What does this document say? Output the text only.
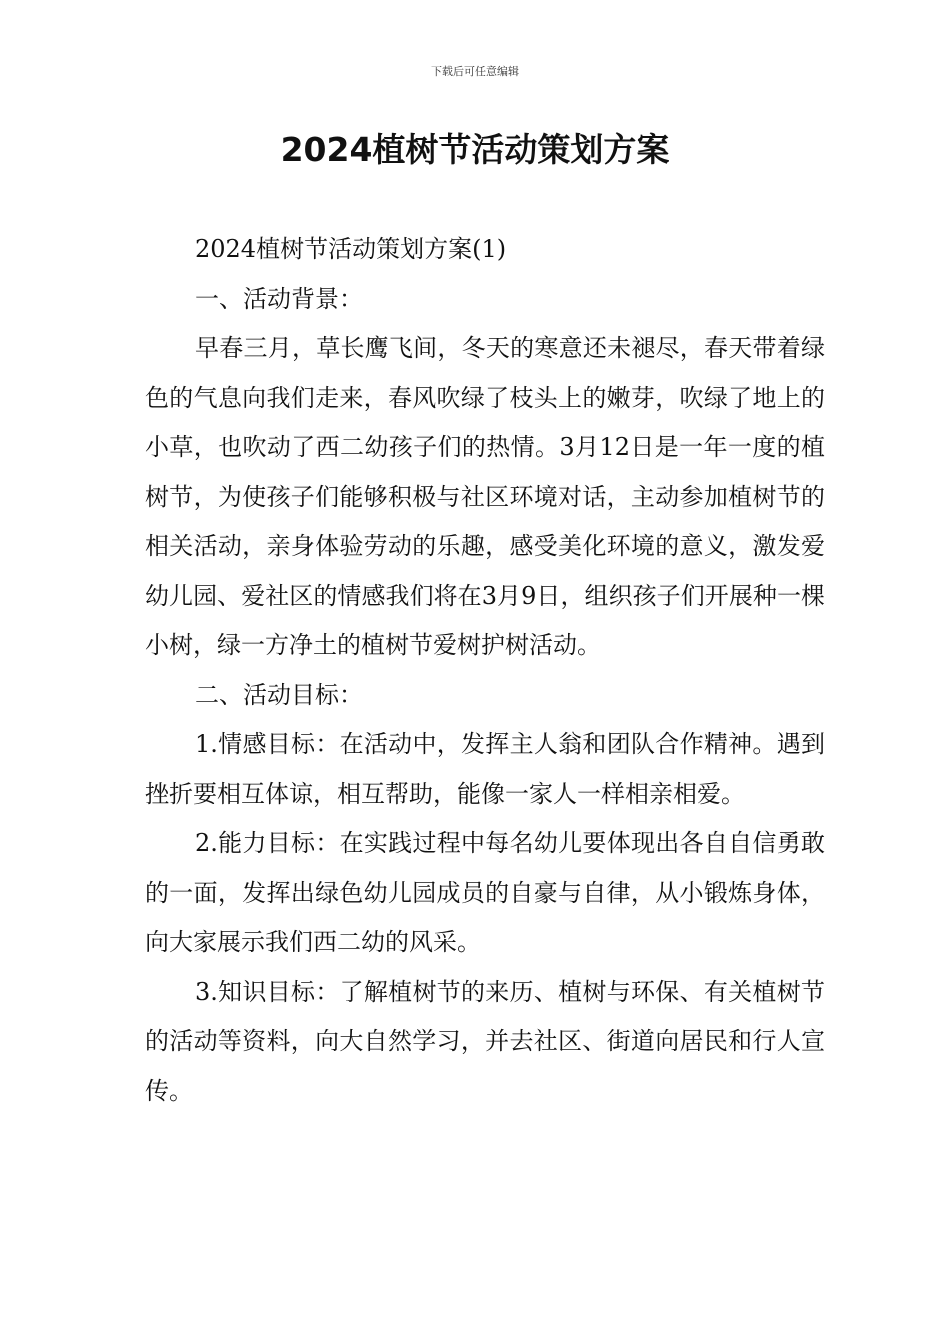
下载后可任意编辑
2024植树节活动策划方案

2024植树节活动策划方案(1)

一、活动背景：

早春三月，草长鹰飞间，冬天的寒意还未褪尽，春天带着绿色的气息向我们走来，春风吹绿了枝头上的嫩芽，吹绿了地上的小草，也吹动了西二幼孩子们的热情。3月12日是一年一度的植树节，为使孩子们能够积极与社区环境对话，主动参加植树节的相关活动，亲身体验劳动的乐趣，感受美化环境的意义，激发爱幼儿园、爱社区的情感我们将在3月9日，组织孩子们开展种一棵小树，绿一方净土的植树节爱树护树活动。

二、活动目标：

1.情感目标：在活动中，发挥主人翁和团队合作精神。遇到挫折要相互体谅，相互帮助，能像一家人一样相亲相爱。

2.能力目标：在实践过程中每名幼儿要体现出各自自信勇敢的一面，发挥出绿色幼儿园成员的自豪与自律，从小锻炼身体，向大家展示我们西二幼的风采。

3.知识目标：了解植树节的来历、植树与环保、有关植树节的活动等资料，向大自然学习，并去社区、街道向居民和行人宣传。
